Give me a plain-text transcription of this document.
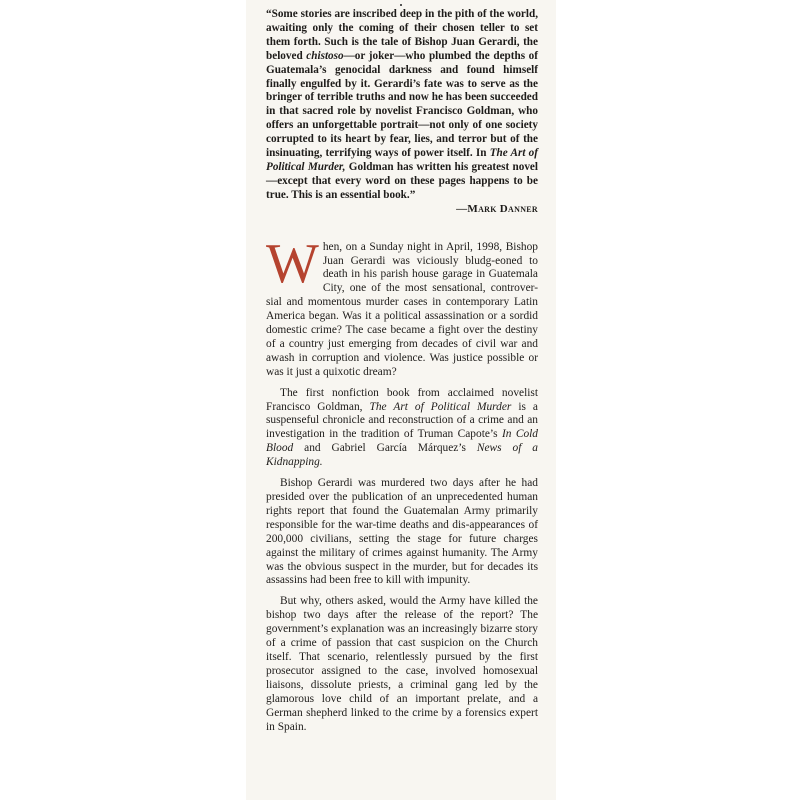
“Some stories are inscribed deep in the pith of the world, awaiting only the coming of their chosen teller to set them forth. Such is the tale of Bishop Juan Gerardi, the beloved chistoso—or joker—who plumbed the depths of Guatemala’s genocidal darkness and found himself finally engulfed by it. Gerardi’s fate was to serve as the bringer of terrible truths and now he has been succeeded in that sacred role by novelist Francisco Goldman, who offers an unforgettable portrait—not only of one society corrupted to its heart by fear, lies, and terror but of the insinuating, terrifying ways of power itself. In The Art of Political Murder, Goldman has written his greatest novel—except that every word on these pages happens to be true. This is an essential book.”

—Mark Danner

When, on a Sunday night in April, 1998, Bishop Juan Gerardi was viciously bludg-eoned to death in his parish house garage in Guatemala City, one of the most sensational, controver-sial and momentous murder cases in contemporary Latin America began. Was it a political assassination or a sordid domestic crime? The case became a fight over the destiny of a country just emerging from decades of civil war and awash in corruption and violence. Was justice possible or was it just a quixotic dream?

The first nonfiction book from acclaimed novelist Francisco Goldman, The Art of Political Murder is a suspenseful chronicle and reconstruction of a crime and an investigation in the tradition of Truman Capote’s In Cold Blood and Gabriel García Márquez’s News of a Kidnapping.

Bishop Gerardi was murdered two days after he had presided over the publication of an unprecedented human rights report that found the Guatemalan Army primarily responsible for the war-time deaths and dis-appearances of 200,000 civilians, setting the stage for future charges against the military of crimes against humanity. The Army was the obvious suspect in the murder, but for decades its assassins had been free to kill with impunity.

But why, others asked, would the Army have killed the bishop two days after the release of the report? The government’s explanation was an increasingly bizarre story of a crime of passion that cast suspicion on the Church itself. That scenario, relentlessly pursued by the first prosecutor assigned to the case, involved homosexual liaisons, dissolute priests, a criminal gang led by the glamorous love child of an important prelate, and a German shepherd linked to the crime by a forensics expert in Spain.
